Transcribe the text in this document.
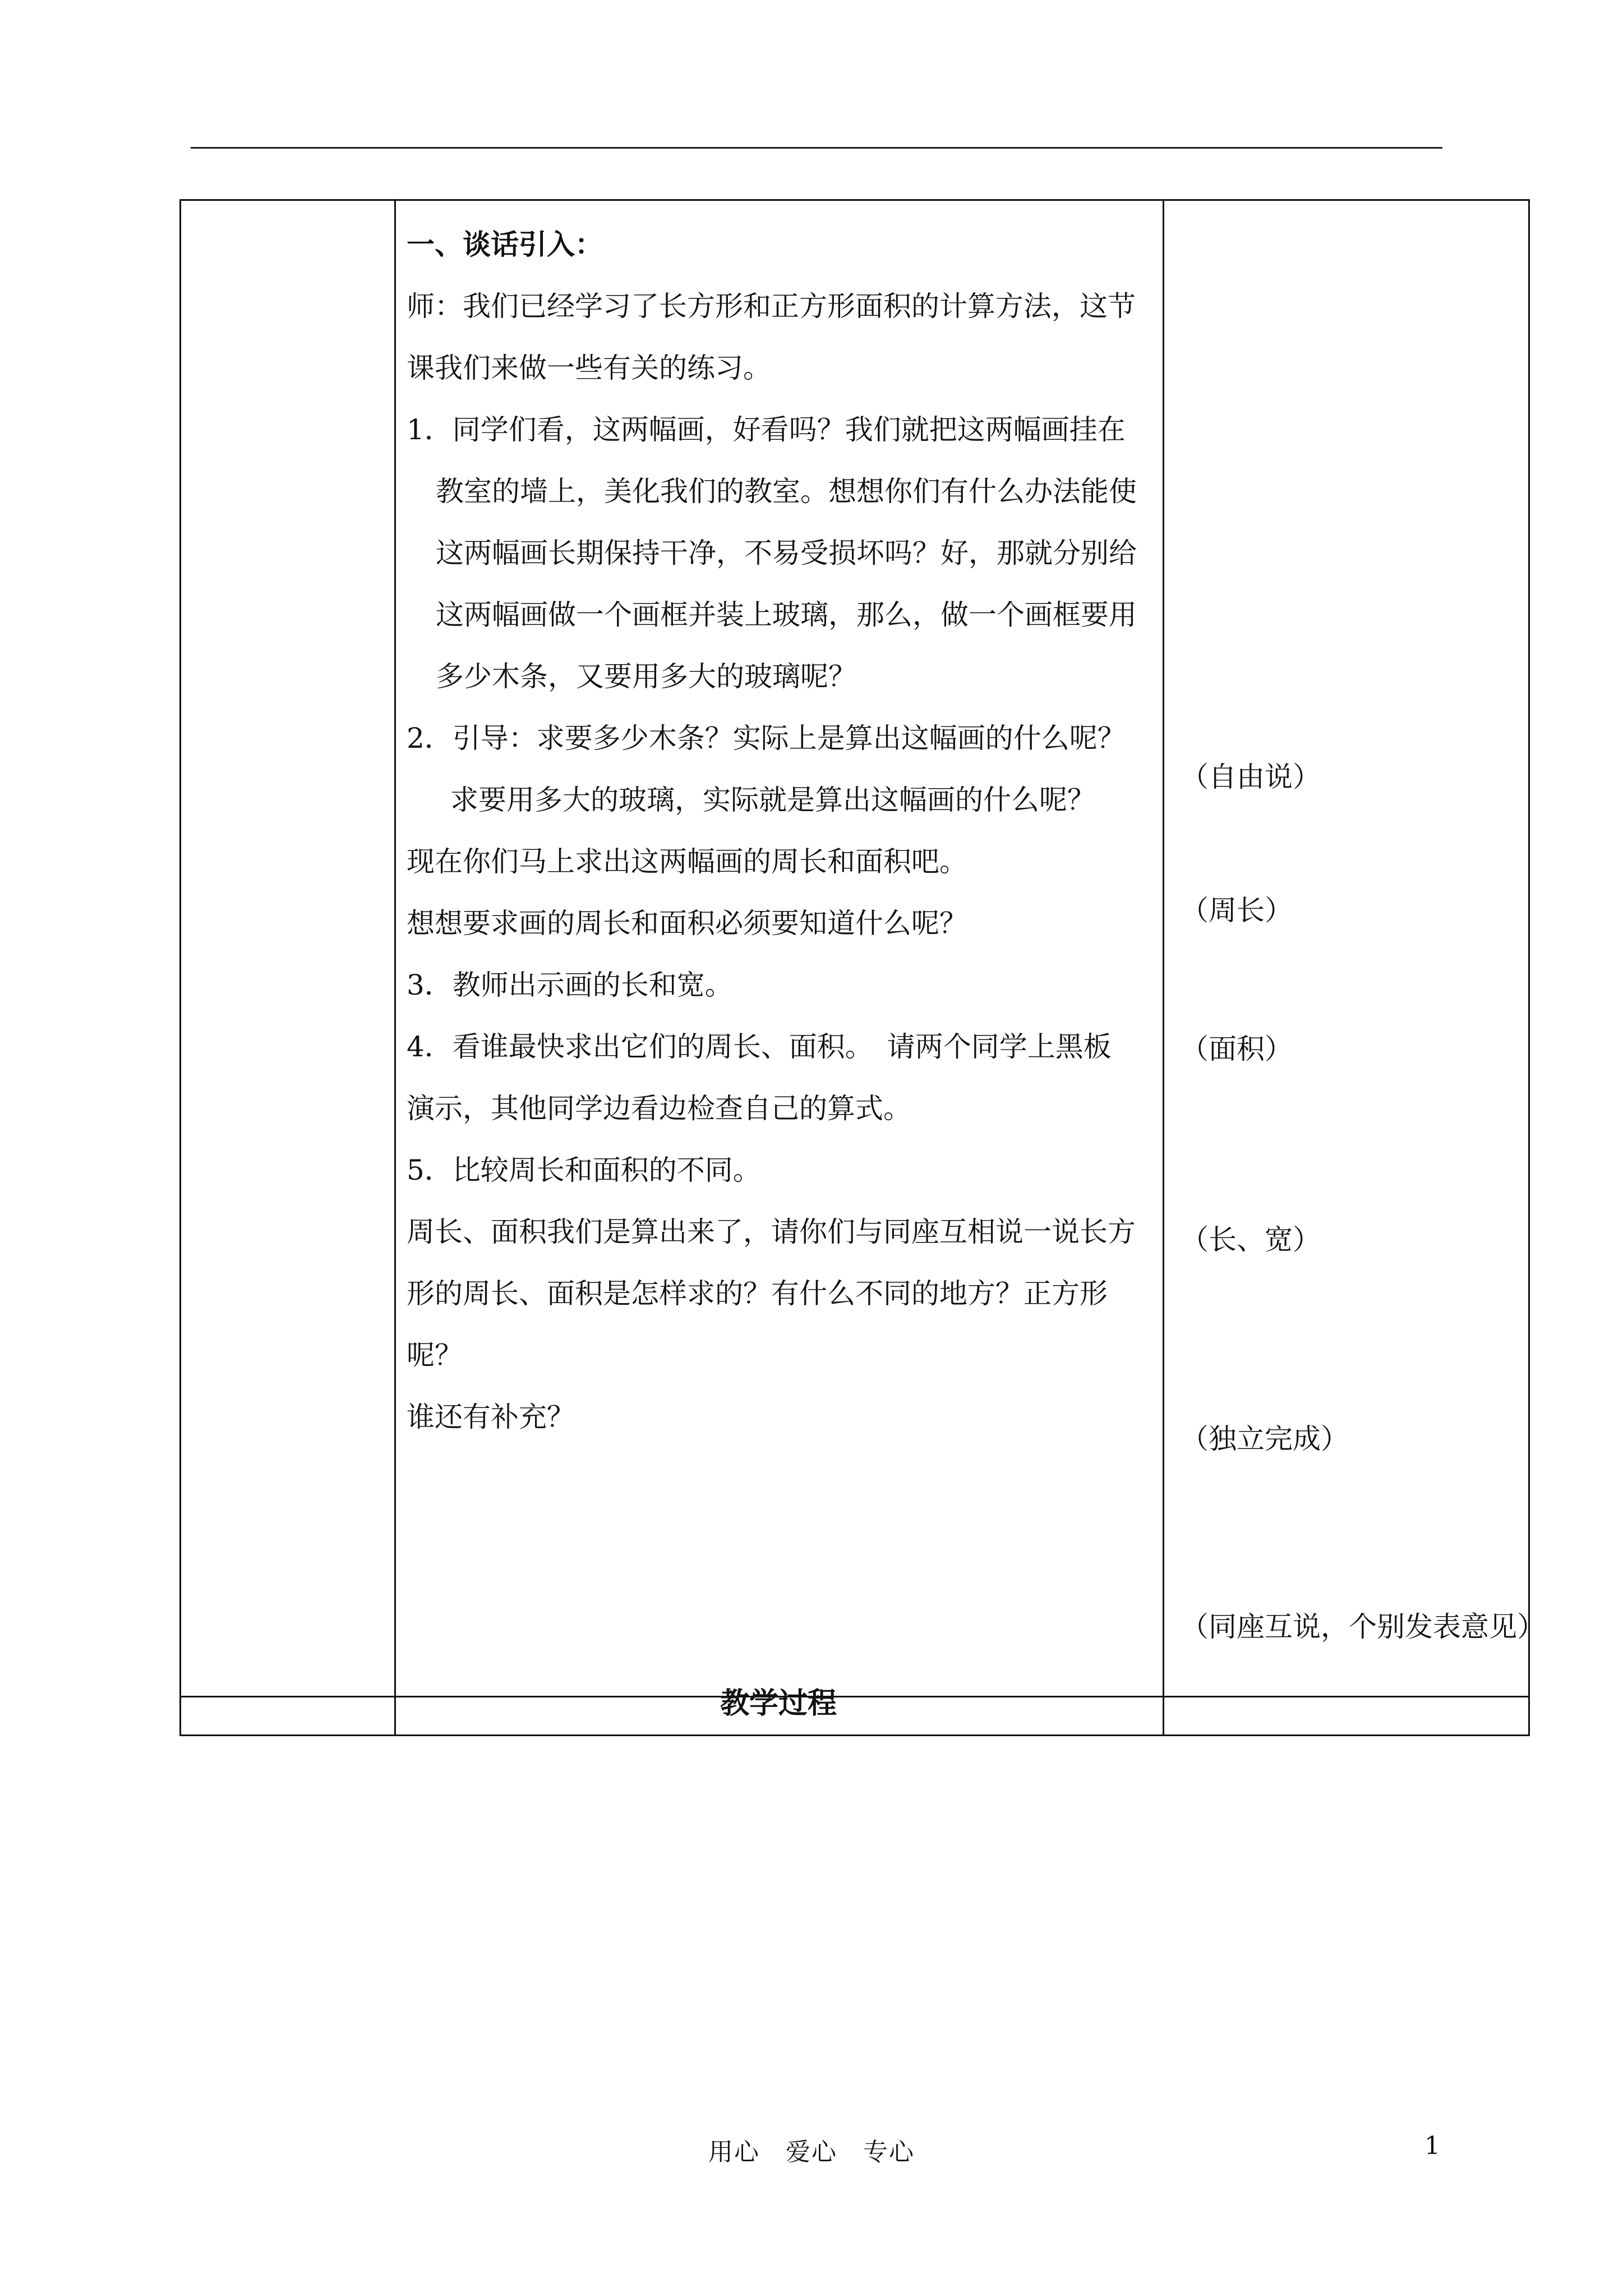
一、谈话引入：
师：我们已经学习了长方形和正方形面积的计算方法，这节
课我们来做一些有关的练习。
1．同学们看，这两幅画，好看吗？我们就把这两幅画挂在
教室的墙上，美化我们的教室。想想你们有什么办法能使
这两幅画长期保持干净，不易受损坏吗？好，那就分别给
这两幅画做一个画框并装上玻璃，那么，做一个画框要用
多少木条，又要用多大的玻璃呢？
2．引导：求要多少木条？实际上是算出这幅画的什么呢？
求要用多大的玻璃，实际就是算出这幅画的什么呢？
现在你们马上求出这两幅画的周长和面积吧。
想想要求画的周长和面积必须要知道什么呢？
3．教师出示画的长和宽。
4．看谁最快求出它们的周长、面积。　请两个同学上黑板
演示，其他同学边看边检查自己的算式。
5．比较周长和面积的不同。
周长、面积我们是算出来了，请你们与同座互相说一说长方
形的周长、面积是怎样求的？有什么不同的地方？正方形
呢？
谁还有补充？
（自由说）
（周长）
（面积）
（长、宽）
（独立完成）
（同座互说，个别发表意见）
教学过程
用心　爱心　专心	1
